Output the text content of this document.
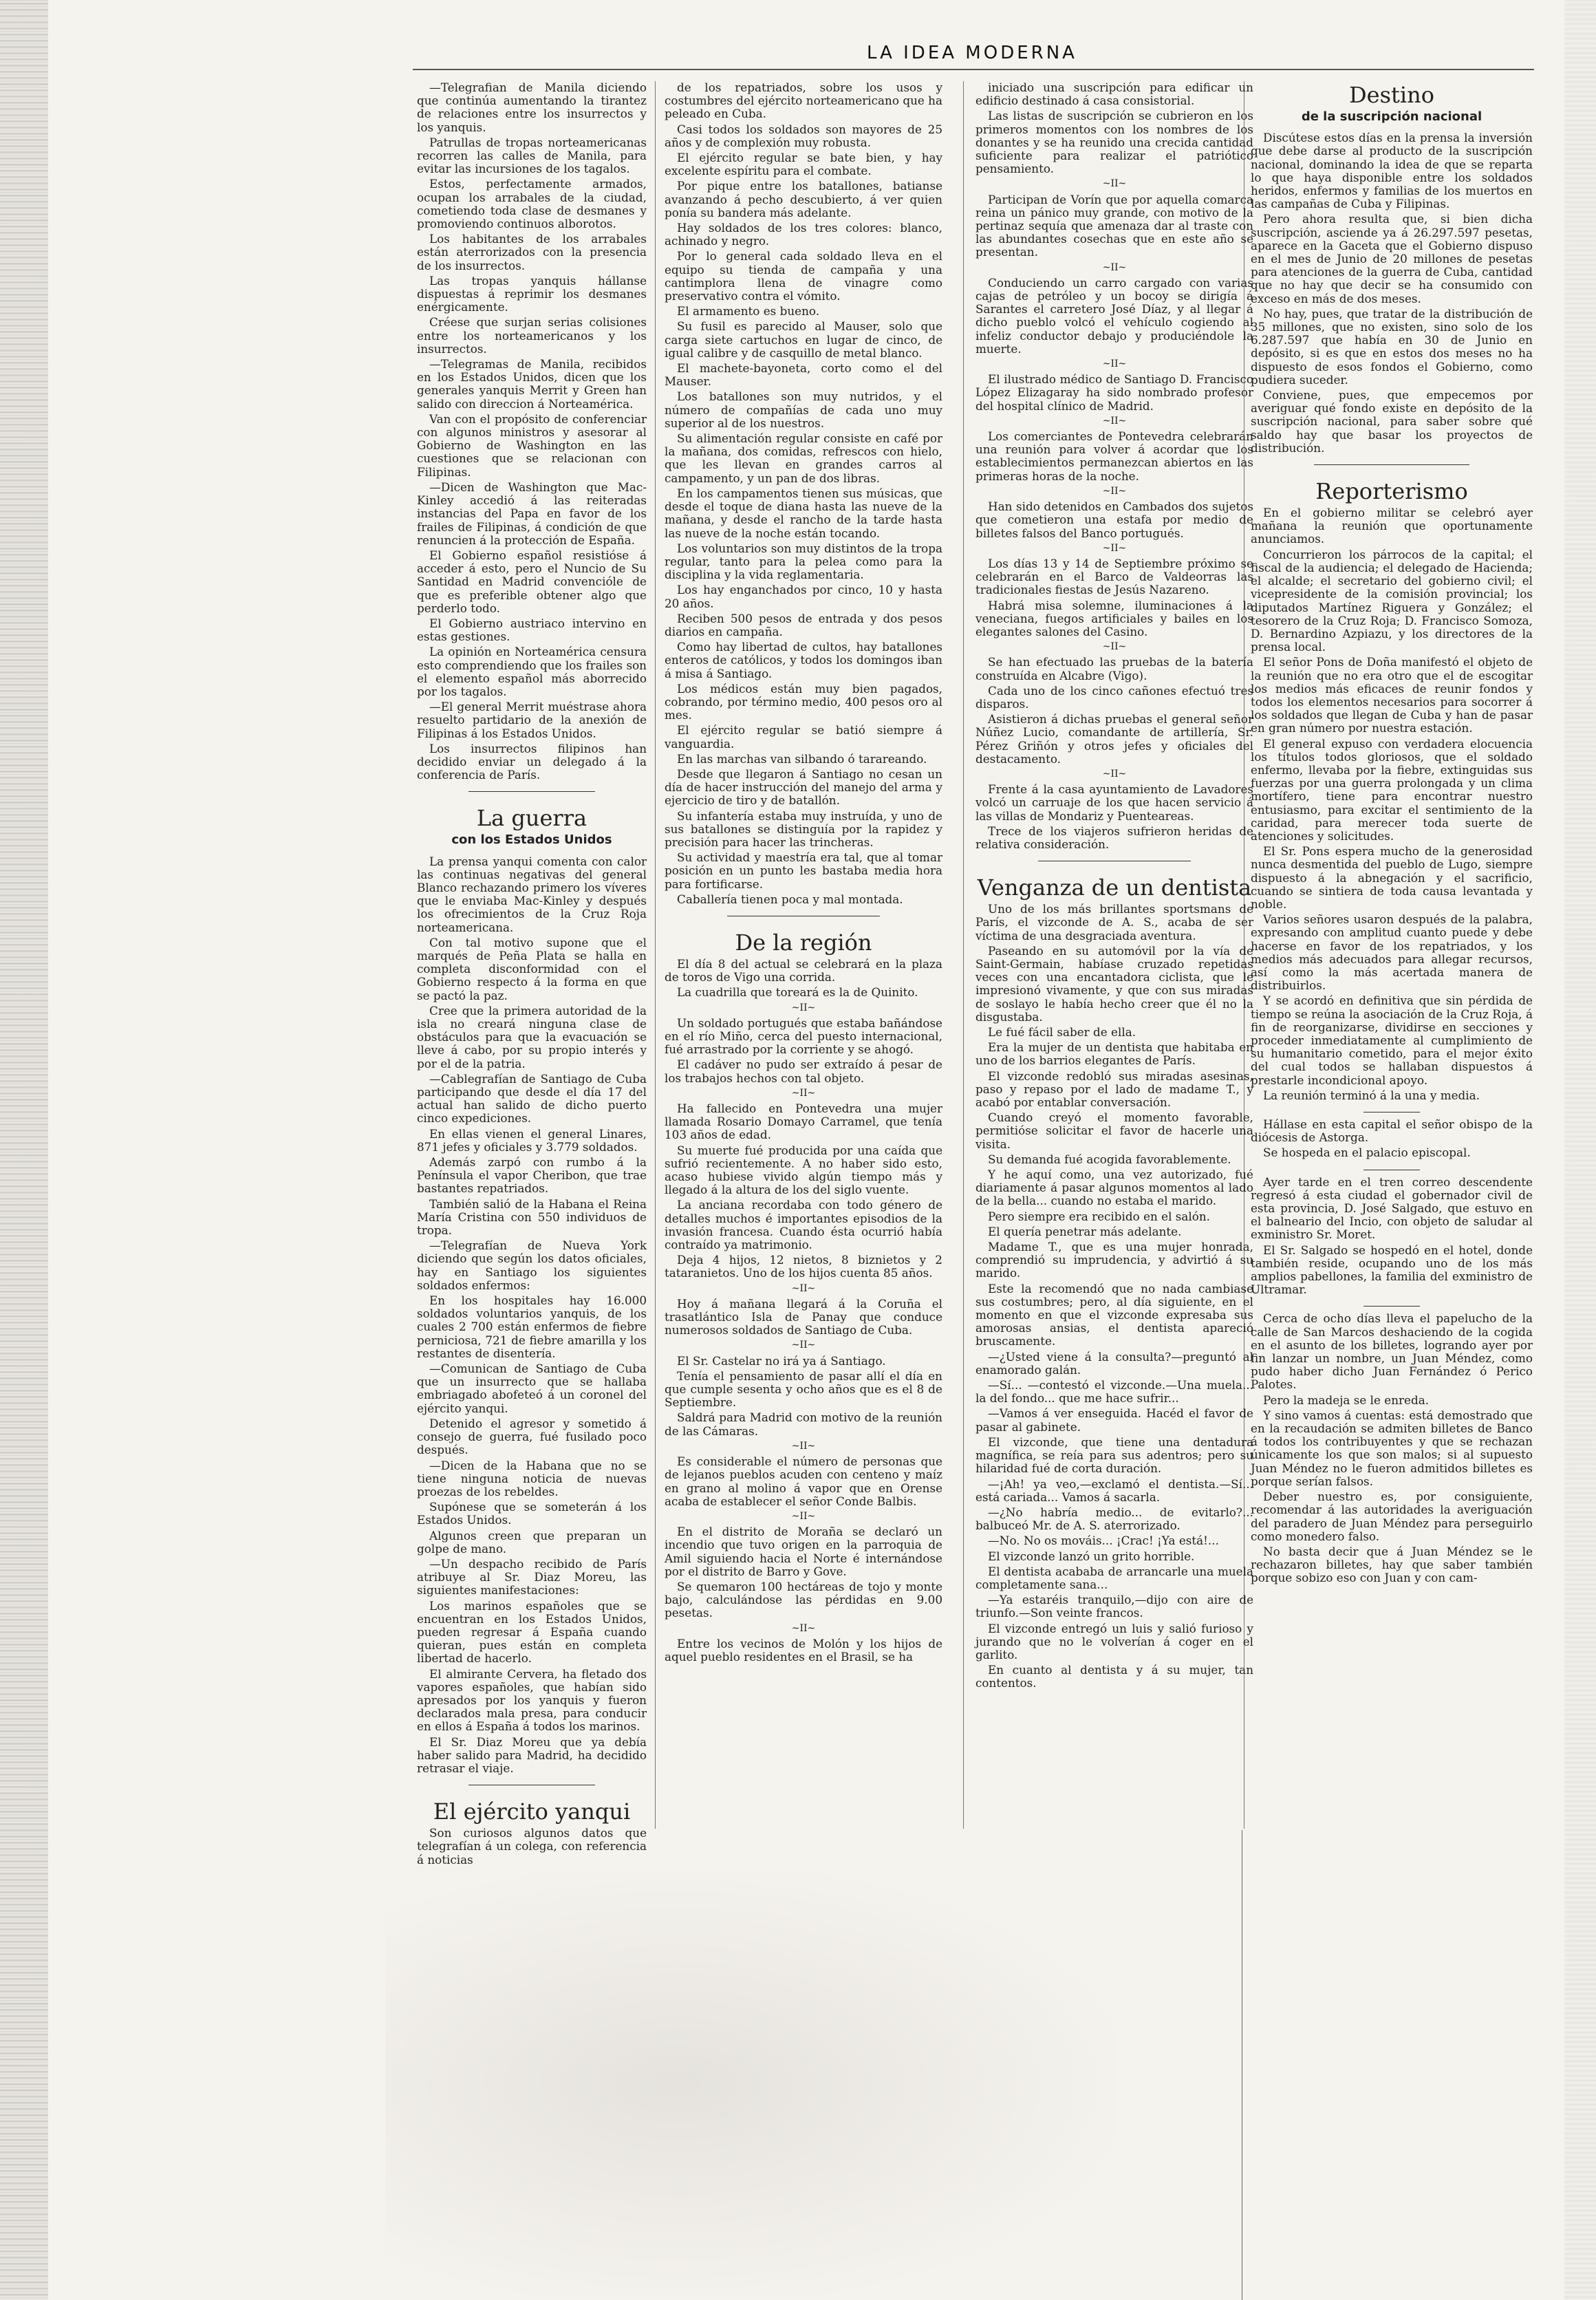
LA IDEA MODERNA

—Telegrafian de Manila diciendo que continúa aumentando la tirantez de relaciones entre los insurrectos y los yanquis.

Patrullas de tropas norteamericanas recorren las calles de Manila, para evitar las incursiones de los tagalos.

Estos, perfectamente armados, ocupan los arrabales de la ciudad, cometiendo toda clase de desmanes y promoviendo continuos alborotos.

Los habitantes de los arrabales están aterrorizados con la presencia de los insurrectos.

Las tropas yanquis hállanse dispuestas á reprimir los desmanes enérgicamente.

Créese que surjan serias colisiones entre los norteamericanos y los insurrectos.

—Telegramas de Manila, recibidos en los Estados Unidos, dicen que los generales yanquis Merrit y Green han salido con direccion á Norteamérica.

Van con el propósito de conferenciar con algunos ministros y asesorar al Gobierno de Washington en las cuestiones que se relacionan con Filipinas.

—Dicen de Washington que Mac-Kinley accedió á las reiteradas instancias del Papa en favor de los frailes de Filipinas, á condición de que renuncien á la protección de España.

El Gobierno español resistióse á acceder á esto, pero el Nuncio de Su Santidad en Madrid convencióle de que es preferible obtener algo que perderlo todo.

El Gobierno austriaco intervino en estas gestiones.

La opinión en Norteamérica censura esto comprendiendo que los frailes son el elemento español más aborrecido por los tagalos.

—El general Merrit muéstrase ahora resuelto partidario de la anexión de Filipinas á los Estados Unidos.

Los insurrectos filipinos han decidido enviar un delegado á la conferencia de París.

La guerra

con los Estados Unidos

La prensa yanqui comenta con calor las continuas negativas del general Blanco rechazando primero los víveres que le enviaba Mac-Kinley y después los ofrecimientos de la Cruz Roja norteamericana.

Con tal motivo supone que el marqués de Peña Plata se halla en completa disconformidad con el Gobierno respecto á la forma en que se pactó la paz.

Cree que la primera autoridad de la isla no creará ninguna clase de obstáculos para que la evacuación se lleve á cabo, por su propio interés y por el de la patria.

—Cablegrafían de Santiago de Cuba participando que desde el día 17 del actual han salido de dicho puerto cinco expediciones.

En ellas vienen el general Linares, 871 jefes y oficiales y 3.779 soldados.

Además zarpó con rumbo á la Península el vapor Cheribon, que trae bastantes repatriados.

También salió de la Habana el Reina María Cristina con 550 individuos de tropa.

—Telegrafían de Nueva York diciendo que según los datos oficiales, hay en Santiago los siguientes soldados enfermos:

En los hospitales hay 16.000 soldados voluntarios yanquis, de los cuales 2 700 están enfermos de fiebre perniciosa, 721 de fiebre amarilla y los restantes de disentería.

—Comunican de Santiago de Cuba que un insurrecto que se hallaba embriagado abofeteó á un coronel del ejército yanqui.

Detenido el agresor y sometido á consejo de guerra, fué fusilado poco después.

—Dicen de la Habana que no se tiene ninguna noticia de nuevas proezas de los rebeldes.

Supónese que se someterán á los Estados Unidos.

Algunos creen que preparan un golpe de mano.

—Un despacho recibido de París atribuye al Sr. Diaz Moreu, las siguientes manifestaciones:

Los marinos españoles que se encuentran en los Estados Unidos, pueden regresar á España cuando quieran, pues están en completa libertad de hacerlo.

El almirante Cervera, ha fletado dos vapores españoles, que habían sido apresados por los yanquis y fueron declarados mala presa, para conducir en ellos á España á todos los marinos.

El Sr. Diaz Moreu que ya debía haber salido para Madrid, ha decidido retrasar el viaje.

El ejército yanqui

Son curiosos algunos datos que telegrafían á un colega, con referencia á noticias

de los repatriados, sobre los usos y costumbres del ejército norteamericano que ha peleado en Cuba.

Casi todos los soldados son mayores de 25 años y de complexión muy robusta.

El ejército regular se bate bien, y hay excelente espíritu para el combate.

Por pique entre los batallones, batianse avanzando á pecho descubierto, á ver quien ponía su bandera más adelante.

Hay soldados de los tres colores: blanco, achinado y negro.

Por lo general cada soldado lleva en el equipo su tienda de campaña y una cantimplora llena de vinagre como preservativo contra el vómito.

El armamento es bueno.

Su fusil es parecido al Mauser, solo que carga siete cartuchos en lugar de cinco, de igual calibre y de casquillo de metal blanco.

El machete-bayoneta, corto como el del Mauser.

Los batallones son muy nutridos, y el número de compañías de cada uno muy superior al de los nuestros.

Su alimentación regular consiste en café por la mañana, dos comidas, refrescos con hielo, que les llevan en grandes carros al campamento, y un pan de dos libras.

En los campamentos tienen sus músicas, que desde el toque de diana hasta las nueve de la mañana, y desde el rancho de la tarde hasta las nueve de la noche están tocando.

Los voluntarios son muy distintos de la tropa regular, tanto para la pelea como para la disciplina y la vida reglamentaria.

Los hay enganchados por cinco, 10 y hasta 20 años.

Reciben 500 pesos de entrada y dos pesos diarios en campaña.

Como hay libertad de cultos, hay batallones enteros de católicos, y todos los domingos iban á misa á Santiago.

Los médicos están muy bien pagados, cobrando, por término medio, 400 pesos oro al mes.

El ejército regular se batió siempre á vanguardia.

En las marchas van silbando ó tarareando.

Desde que llegaron á Santiago no cesan un día de hacer instrucción del manejo del arma y ejercicio de tiro y de batallón.

Su infantería estaba muy instruída, y uno de sus batallones se distinguía por la rapidez y precisión para hacer las trincheras.

Su actividad y maestría era tal, que al tomar posición en un punto les bastaba media hora para fortificarse.

Caballería tienen poca y mal montada.

De la región

El día 8 del actual se celebrará en la plaza de toros de Vigo una corrida.

La cuadrilla que toreará es la de Quinito.

~II~

Un soldado portugués que estaba bañándose en el río Miño, cerca del puesto internacional, fué arrastrado por la corriente y se ahogó.

El cadáver no pudo ser extraído á pesar de los trabajos hechos con tal objeto.

~II~

Ha fallecido en Pontevedra una mujer llamada Rosario Domayo Carramel, que tenía 103 años de edad.

Su muerte fué producida por una caída que sufrió recientemente. A no haber sido esto, acaso hubiese vivido algún tiempo más y llegado á la altura de los del siglo vuente.

La anciana recordaba con todo género de detalles muchos é importantes episodios de la invasión francesa. Cuando ésta ocurrió había contraído ya matrimonio.

Deja 4 hijos, 12 nietos, 8 biznietos y 2 tataranietos. Uno de los hijos cuenta 85 años.

~II~

Hoy á mañana llegará á la Coruña el trasatlántico Isla de Panay que conduce numerosos soldados de Santiago de Cuba.

~II~

El Sr. Castelar no irá ya á Santiago.

Tenía el pensamiento de pasar allí el día en que cumple sesenta y ocho años que es el 8 de Septiembre.

Saldrá para Madrid con motivo de la reunión de las Cámaras.

~II~

Es considerable el número de personas que de lejanos pueblos acuden con centeno y maíz en grano al molino á vapor que en Orense acaba de establecer el señor Conde Balbis.

~II~

En el distrito de Moraña se declaró un incendio que tuvo origen en la parroquia de Amil siguiendo hacia el Norte é internándose por el distrito de Barro y Gove.

Se quemaron 100 hectáreas de tojo y monte bajo, calculándose las pérdidas en 9.00 pesetas.

~II~

Entre los vecinos de Molón y los hijos de aquel pueblo residentes en el Brasil, se ha

iniciado una suscripción para edificar un edificio destinado á casa consistorial.

Las listas de suscripción se cubrieron en los primeros momentos con los nombres de los donantes y se ha reunido una crecida cantidad suficiente para realizar el patriótico pensamiento.

~II~

Participan de Vorín que por aquella comarca reina un pánico muy grande, con motivo de la pertinaz sequía que amenaza dar al traste con las abundantes cosechas que en este año se presentan.

~II~

Conduciendo un carro cargado con varias cajas de petróleo y un bocoy se dirigía á Sarantes el carretero José Díaz, y al llegar á dicho pueblo volcó el vehículo cogiendo al infeliz conductor debajo y produciéndole la muerte.

~II~

El ilustrado médico de Santiago D. Francisco López Elizagaray ha sido nombrado profesor del hospital clínico de Madrid.

~II~

Los comerciantes de Pontevedra celebrarán una reunión para volver á acordar que los establecimientos permanezcan abiertos en las primeras horas de la noche.

~II~

Han sido detenidos en Cambados dos sujetos que cometieron una estafa por medio de billetes falsos del Banco portugués.

~II~

Los días 13 y 14 de Septiembre próximo se celebrarán en el Barco de Valdeorras las tradicionales fiestas de Jesús Nazareno.

Habrá misa solemne, iluminaciones á la veneciana, fuegos artificiales y bailes en los elegantes salones del Casino.

~II~

Se han efectuado las pruebas de la batería construída en Alcabre (Vigo).

Cada uno de los cinco cañones efectuó tres disparos.

Asistieron á dichas pruebas el general señor Núñez Lucio, comandante de artillería, Sr. Pérez Griñón y otros jefes y oficiales del destacamento.

~II~

Frente á la casa ayuntamiento de Lavadores volcó un carruaje de los que hacen servicio á las villas de Mondariz y Puenteareas.

Trece de los viajeros sufrieron heridas de relativa consideración.

Venganza de un dentista

Uno de los más brillantes sportsmans de París, el vizconde de A. S., acaba de ser víctima de una desgraciada aventura.

Paseando en su automóvil por la vía de Saint-Germain, habíase cruzado repetidas veces con una encantadora ciclista, que le impresionó vivamente, y que con sus miradas de soslayo le había hecho creer que él no la disgustaba.

Le fué fácil saber de ella.

Era la mujer de un dentista que habitaba en uno de los barrios elegantes de París.

El vizconde redobló sus miradas asesinas, paso y repaso por el lado de madame T., y acabó por entablar conversación.

Cuando creyó el momento favorable, permitióse solicitar el favor de hacerle una visita.

Su demanda fué acogida favorablemente.

Y he aquí como, una vez autorizado, fué diariamente á pasar algunos momentos al lado de la bella... cuando no estaba el marido.

Pero siempre era recibido en el salón.

El quería penetrar más adelante.

Madame T., que es una mujer honrada, comprendió su imprudencia, y advirtió á su marido.

Este la recomendó que no nada cambiase sus costumbres; pero, al día siguiente, en el momento en que el vizconde expresaba sus amorosas ansias, el dentista apareció bruscamente.

—¿Usted viene á la consulta?—preguntó al enamorado galán.

—Sí... —contestó el vizconde.—Una muela... la del fondo... que me hace sufrir...

—Vamos á ver enseguida. Hacéd el favor de pasar al gabinete.

El vizconde, que tiene una dentadura magnífica, se reía para sus adentros; pero su hilaridad fué de corta duración.

—¡Ah! ya veo,—exclamó el dentista.—Sí... está cariada... Vamos á sacarla.

—¿No habría medio... de evitarlo?... balbuceó Mr. de A. S. aterrorizado.

—No. No os mováis... ¡Crac! ¡Ya está!...

El vizconde lanzó un grito horrible.

El dentista acababa de arrancarle una muela completamente sana...

—Ya estaréis tranquilo,—dijo con aire de triunfo.—Son veinte francos.

El vizconde entregó un luis y salió furioso y jurando que no le volverían á coger en el garlito.

En cuanto al dentista y á su mujer, tan contentos.

Destino

de la suscripción nacional

Discútese estos días en la prensa la inversión que debe darse al producto de la suscripción nacional, dominando la idea de que se reparta lo que haya disponible entre los soldados heridos, enfermos y familias de los muertos en las campañas de Cuba y Filipinas.

Pero ahora resulta que, si bien dicha suscripción, asciende ya á 26.297.597 pesetas, aparece en la Gaceta que el Gobierno dispuso en el mes de Junio de 20 millones de pesetas para atenciones de la guerra de Cuba, cantidad que no hay que decir se ha consumido con exceso en más de dos meses.

No hay, pues, que tratar de la distribución de 35 millones, que no existen, sino solo de los 6.287.597 que había en 30 de Junio en depósito, si es que en estos dos meses no ha dispuesto de esos fondos el Gobierno, como pudiera suceder.

Conviene, pues, que empecemos por averiguar qué fondo existe en depósito de la suscripción nacional, para saber sobre qué saldo hay que basar los proyectos de distribución.

Reporterismo

En el gobierno militar se celebró ayer mañana la reunión que oportunamente anunciamos.

Concurrieron los párrocos de la capital; el fiscal de la audiencia; el delegado de Hacienda; el alcalde; el secretario del gobierno civil; el vicepresidente de la comisión provincial; los diputados Martínez Riguera y González; el tesorero de la Cruz Roja; D. Francisco Somoza, D. Bernardino Azpiazu, y los directores de la prensa local.

El señor Pons de Doña manifestó el objeto de la reunión que no era otro que el de escogitar los medios más eficaces de reunir fondos y todos los elementos necesarios para socorrer á los soldados que llegan de Cuba y han de pasar en gran número por nuestra estación.

El general expuso con verdadera elocuencia los títulos todos gloriosos, que el soldado enfermo, llevaba por la fiebre, extinguidas sus fuerzas por una guerra prolongada y un clima mortífero, tiene para encontrar nuestro entusiasmo, para excitar el sentimiento de la caridad, para merecer toda suerte de atenciones y solicitudes.

El Sr. Pons espera mucho de la generosidad nunca desmentida del pueblo de Lugo, siempre dispuesto á la abnegación y el sacrificio, cuando se sintiera de toda causa levantada y noble.

Varios señores usaron después de la palabra, expresando con amplitud cuanto puede y debe hacerse en favor de los repatriados, y los medios más adecuados para allegar recursos, así como la más acertada manera de distribuirlos.

Y se acordó en definitiva que sin pérdida de tiempo se reúna la asociación de la Cruz Roja, á fin de reorganizarse, dividirse en secciones y proceder inmediatamente al cumplimiento de su humanitario cometido, para el mejor éxito del cual todos se hallaban dispuestos á prestarle incondicional apoyo.

La reunión terminó á la una y media.

Hállase en esta capital el señor obispo de la diócesis de Astorga.

Se hospeda en el palacio episcopal.

Ayer tarde en el tren correo descendente regresó á esta ciudad el gobernador civil de esta provincia, D. José Salgado, que estuvo en el balneario del Incio, con objeto de saludar al exministro Sr. Moret.

El Sr. Salgado se hospedó en el hotel, donde también reside, ocupando uno de los más amplios pabellones, la familia del exministro de Ultramar.

Cerca de ocho días lleva el papelucho de la calle de San Marcos deshaciendo de la cogida en el asunto de los billetes, logrando ayer por fin lanzar un nombre, un Juan Méndez, como pudo haber dicho Juan Fernández ó Perico Palotes.

Pero la madeja se le enreda.

Y sino vamos á cuentas: está demostrado que en la recaudación se admiten billetes de Banco á todos los contribuyentes y que se rechazan únicamente los que son malos; si al supuesto Juan Méndez no le fueron admitidos billetes es porque serían falsos.

Deber nuestro es, por consiguiente, recomendar á las autoridades la averiguación del paradero de Juan Méndez para perseguirlo como monedero falso.

No basta decir que á Juan Méndez se le rechazaron billetes, hay que saber también porque sobizo eso con Juan y con cam-
